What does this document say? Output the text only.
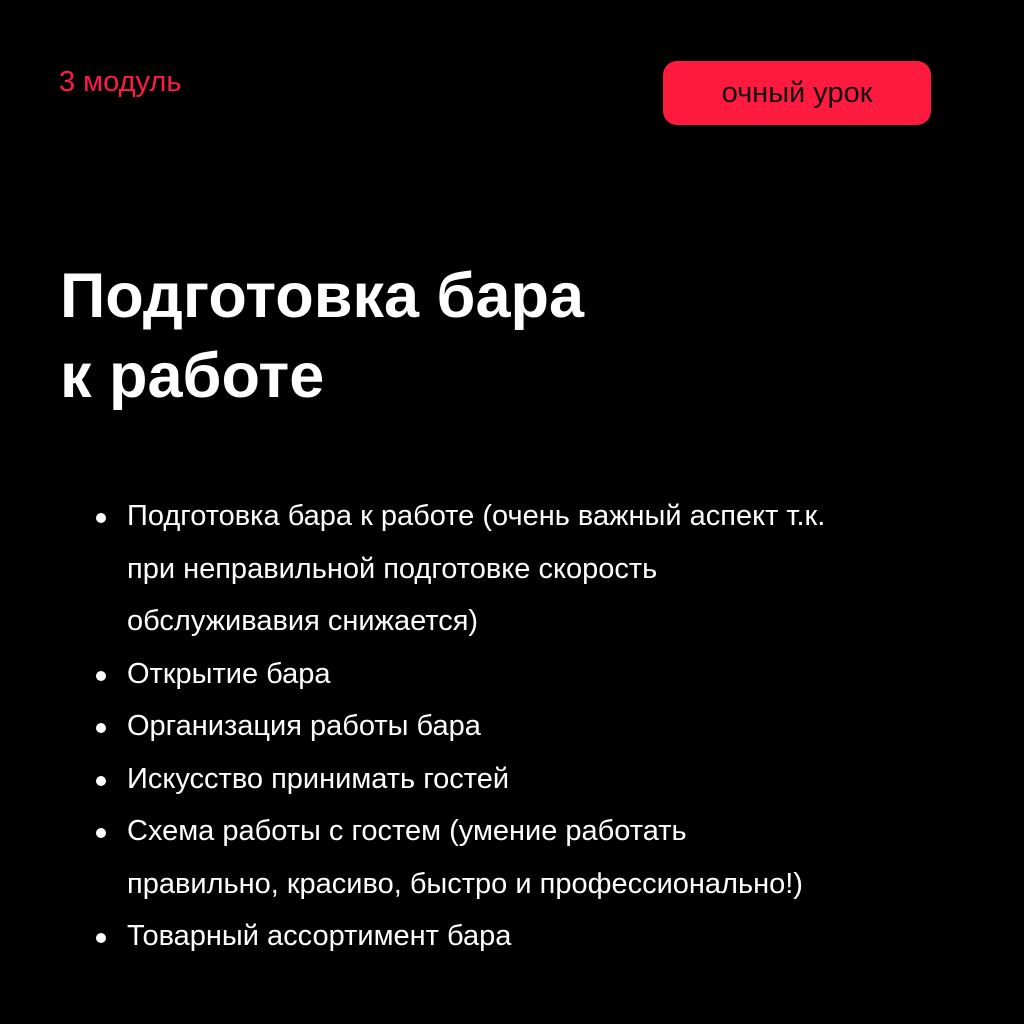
3 модуль	очный урок
Подготовка бара
к работе
Подготовка бара к работе (очень важный аспект т.к.
при неправильной подготовке скорость
обслуживавия снижается)
Открытие бара
Организация работы бара
Искусство принимать гостей
Схема работы с гостем (умение работать
правильно, красиво, быстро и профессионально!)
Товарный ассортимент бара
